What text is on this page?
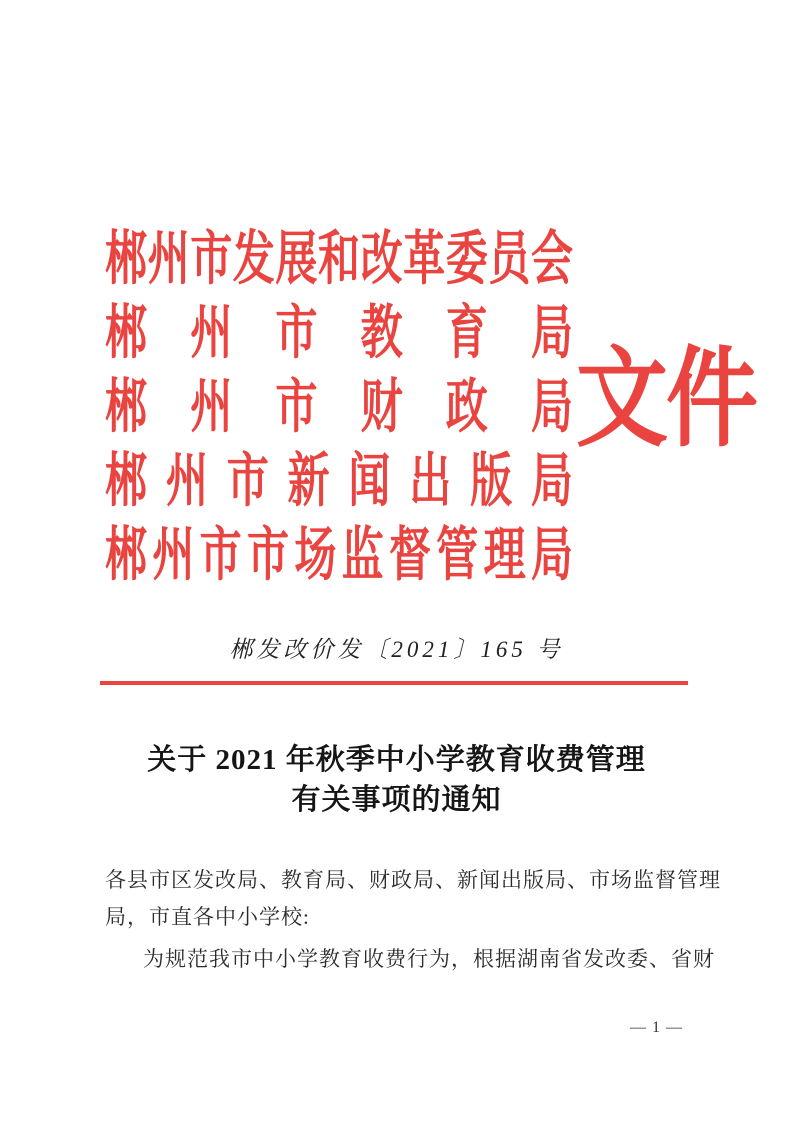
郴 州 市 发 展 和 改 革 委 员 会
郴 州 市 教 育 局
郴 州 市 财 政 局
郴 州 市 新 闻 出 版 局
郴 州 市 市 场 监 督 管 理 局
文件
郴发改价发〔2021〕165 号
关于 2021 年秋季中小学教育收费管理
有关事项的通知
各县市区发改局、教育局、财政局、新闻出版局、市场监督管理
局，市直各中小学校:
为规范我市中小学教育收费行为，根据湖南省发改委、省财
— 1 —
